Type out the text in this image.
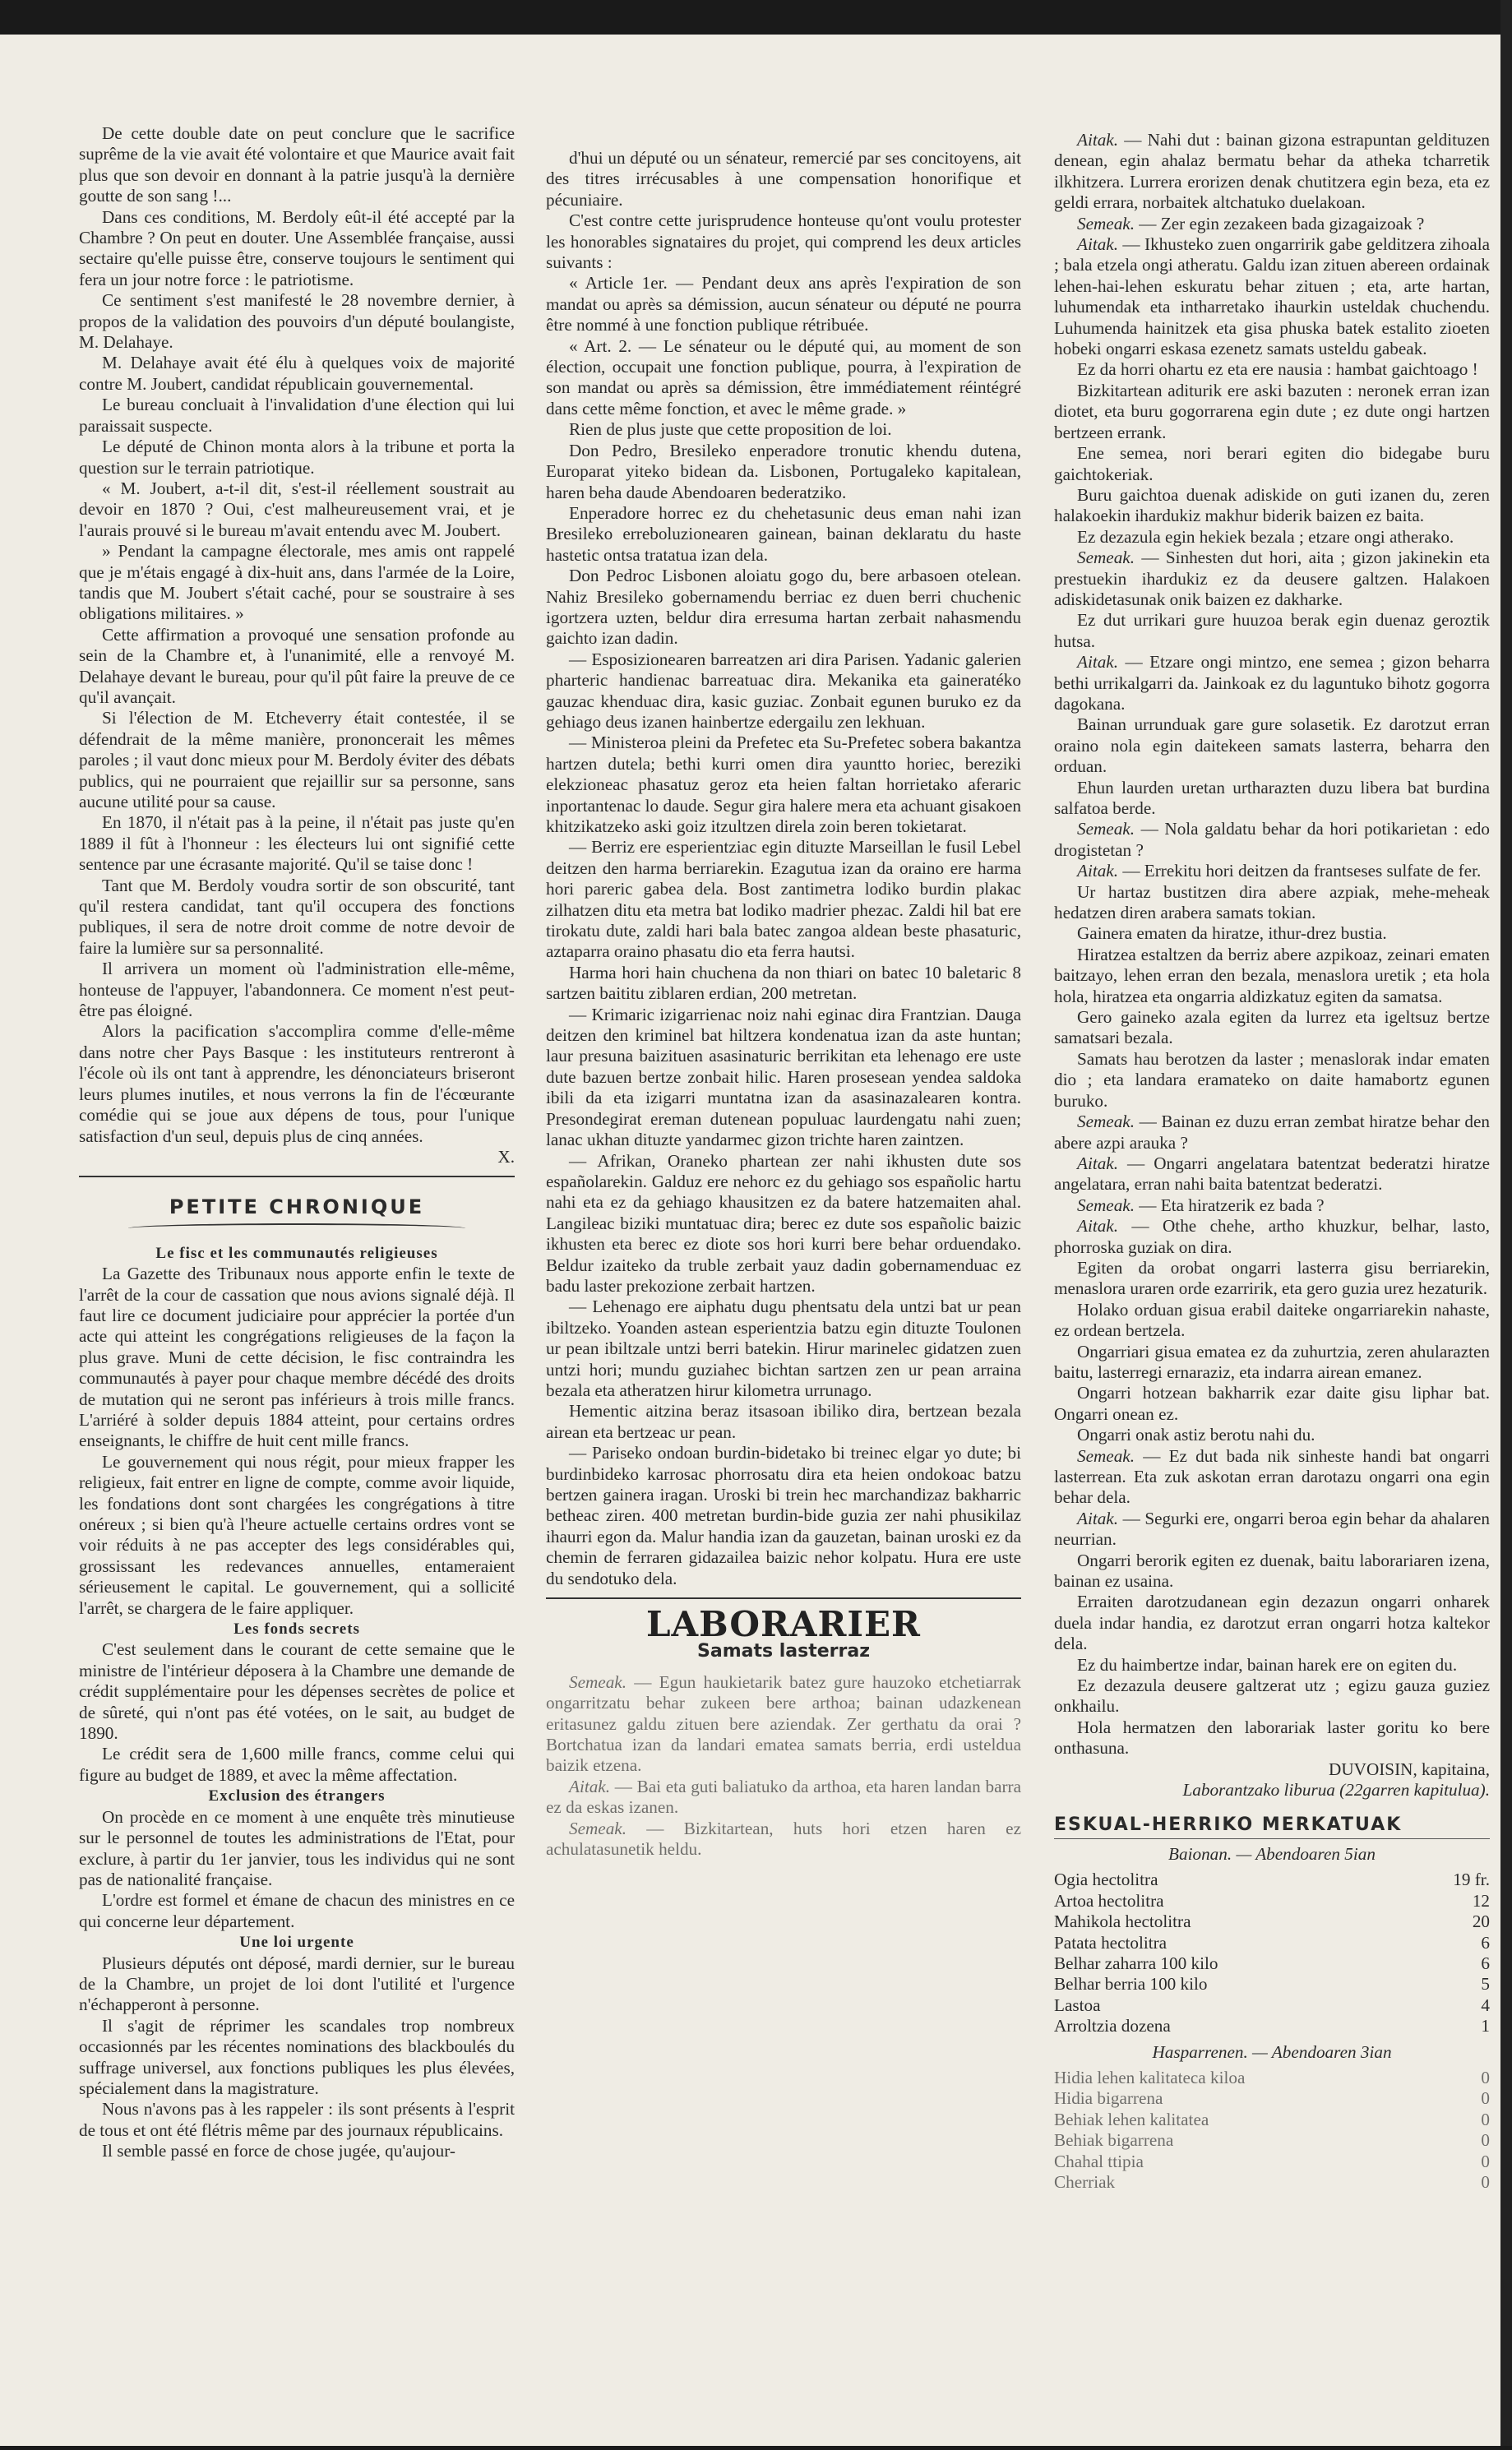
De cette double date on peut conclure que le sacrifice suprême de la vie avait été volontaire et que Maurice avait fait plus que son devoir en donnant à la patrie jusqu'à la dernière goutte de son sang !...

Dans ces conditions, M. Berdoly eût-il été accepté par la Chambre ? On peut en douter. Une Assemblée française, aussi sectaire qu'elle puisse être, conserve toujours le sentiment qui fera un jour notre force : le patriotisme.

Ce sentiment s'est manifesté le 28 novembre dernier, à propos de la validation des pouvoirs d'un député boulangiste, M. Delahaye.

M. Delahaye avait été élu à quelques voix de majorité contre M. Joubert, candidat républicain gouvernemental.

Le bureau concluait à l'invalidation d'une élection qui lui paraissait suspecte.

Le député de Chinon monta alors à la tribune et porta la question sur le terrain patriotique.

« M. Joubert, a-t-il dit, s'est-il réellement soustrait au devoir en 1870 ? Oui, c'est malheureusement vrai, et je l'aurais prouvé si le bureau m'avait entendu avec M. Joubert.

» Pendant la campagne électorale, mes amis ont rappelé que je m'étais engagé à dix-huit ans, dans l'armée de la Loire, tandis que M. Joubert s'était caché, pour se soustraire à ses obligations militaires. »

Cette affirmation a provoqué une sensation profonde au sein de la Chambre et, à l'unanimité, elle a renvoyé M. Delahaye devant le bureau, pour qu'il pût faire la preuve de ce qu'il avançait.

Si l'élection de M. Etcheverry était contestée, il se défendrait de la même manière, prononcerait les mêmes paroles ; il vaut donc mieux pour M. Berdoly éviter des débats publics, qui ne pourraient que rejaillir sur sa personne, sans aucune utilité pour sa cause.

En 1870, il n'était pas à la peine, il n'était pas juste qu'en 1889 il fût à l'honneur : les électeurs lui ont signifié cette sentence par une écrasante majorité. Qu'il se taise donc !

Tant que M. Berdoly voudra sortir de son obscurité, tant qu'il restera candidat, tant qu'il occupera des fonctions publiques, il sera de notre droit comme de notre devoir de faire la lumière sur sa personnalité.

Il arrivera un moment où l'administration elle-même, honteuse de l'appuyer, l'abandonnera. Ce moment n'est peut-être pas éloigné.

Alors la pacification s'accomplira comme d'elle-même dans notre cher Pays Basque : les instituteurs rentreront à l'école où ils ont tant à apprendre, les dénonciateurs briseront leurs plumes inutiles, et nous verrons la fin de l'écœurante comédie qui se joue aux dépens de tous, pour l'unique satisfaction d'un seul, depuis plus de cinq années.

X.

PETITE CHRONIQUE

Le fisc et les communautés religieuses

La Gazette des Tribunaux nous apporte enfin le texte de l'arrêt de la cour de cassation que nous avions signalé déjà. Il faut lire ce document judiciaire pour apprécier la portée d'un acte qui atteint les congrégations religieuses de la façon la plus grave. Muni de cette décision, le fisc contraindra les communautés à payer pour chaque membre décédé des droits de mutation qui ne seront pas inférieurs à trois mille francs. L'arriéré à solder depuis 1884 atteint, pour certains ordres enseignants, le chiffre de huit cent mille francs.

Le gouvernement qui nous régit, pour mieux frapper les religieux, fait entrer en ligne de compte, comme avoir liquide, les fondations dont sont chargées les congrégations à titre onéreux ; si bien qu'à l'heure actuelle certains ordres vont se voir réduits à ne pas accepter des legs considérables qui, grossissant les redevances annuelles, entameraient sérieusement le capital. Le gouvernement, qui a sollicité l'arrêt, se chargera de le faire appliquer.

Les fonds secrets

C'est seulement dans le courant de cette semaine que le ministre de l'intérieur déposera à la Chambre une demande de crédit supplémentaire pour les dépenses secrètes de police et de sûreté, qui n'ont pas été votées, on le sait, au budget de 1890.

Le crédit sera de 1,600 mille francs, comme celui qui figure au budget de 1889, et avec la même affectation.

Exclusion des étrangers

On procède en ce moment à une enquête très minutieuse sur le personnel de toutes les administrations de l'Etat, pour exclure, à partir du 1er janvier, tous les individus qui ne sont pas de nationalité française.

L'ordre est formel et émane de chacun des ministres en ce qui concerne leur département.

Une loi urgente

Plusieurs députés ont déposé, mardi dernier, sur le bureau de la Chambre, un projet de loi dont l'utilité et l'urgence n'échapperont à personne.

Il s'agit de réprimer les scandales trop nombreux occasionnés par les récentes nominations des blackboulés du suffrage universel, aux fonctions publiques les plus élevées, spécialement dans la magistrature.

Nous n'avons pas à les rappeler : ils sont présents à l'esprit de tous et ont été flétris même par des journaux républicains.

Il semble passé en force de chose jugée, qu'aujour-

d'hui un député ou un sénateur, remercié par ses concitoyens, ait des titres irrécusables à une compensation honorifique et pécuniaire.

C'est contre cette jurisprudence honteuse qu'ont voulu protester les honorables signataires du projet, qui comprend les deux articles suivants :

« Article 1er. — Pendant deux ans après l'expiration de son mandat ou après sa démission, aucun sénateur ou député ne pourra être nommé à une fonction publique rétribuée.

« Art. 2. — Le sénateur ou le député qui, au moment de son élection, occupait une fonction publique, pourra, à l'expiration de son mandat ou après sa démission, être immédiatement réintégré dans cette même fonction, et avec le même grade. »

Rien de plus juste que cette proposition de loi.

Don Pedro, Bresileko enperadore tronutic khendu dutena, Europarat yiteko bidean da. Lisbonen, Portugaleko kapitalean, haren beha daude Abendoaren bederatziko.

Enperadore horrec ez du chehetasunic deus eman nahi izan Bresileko erreboluzionearen gainean, bainan deklaratu du haste hastetic ontsa tratatua izan dela.

Don Pedroc Lisbonen aloiatu gogo du, bere arbasoen otelean. Nahiz Bresileko gobernamendu berriac ez duen berri chuchenic igortzera uzten, beldur dira erresuma hartan zerbait nahasmendu gaichto izan dadin.

— Esposizionearen barreatzen ari dira Parisen. Yadanic galerien pharteric handienac barreatuac dira. Mekanika eta gaineratéko gauzac khenduac dira, kasic guziac. Zonbait egunen buruko ez da gehiago deus izanen hainbertze edergailu zen lekhuan.

— Ministeroa pleini da Prefetec eta Su-Prefetec sobera bakantza hartzen dutela; bethi kurri omen dira yauntto horiec, bereziki elekzioneac phasatuz geroz eta heien faltan horrietako aferaric inportantenac lo daude. Segur gira halere mera eta achuant gisakoen khitzikatzeko aski goiz itzultzen direla zoin beren tokietarat.

— Berriz ere esperientziac egin dituzte Marseillan le fusil Lebel deitzen den harma berriarekin. Ezagutua izan da oraino ere harma hori pareric gabea dela. Bost zantimetra lodiko burdin plakac zilhatzen ditu eta metra bat lodiko madrier phezac. Zaldi hil bat ere tirokatu dute, zaldi hari bala batec zangoa aldean beste phasaturic, aztaparra oraino phasatu dio eta ferra hautsi.

Harma hori hain chuchena da non thiari on batec 10 baletaric 8 sartzen baititu ziblaren erdian, 200 metretan.

— Krimaric izigarrienac noiz nahi eginac dira Frantzian. Dauga deitzen den kriminel bat hiltzera kondenatua izan da aste huntan; laur presuna baizituen asasinaturic berrikitan eta lehenago ere uste dute bazuen bertze zonbait hilic. Haren prosesean yendea saldoka ibili da eta izigarri muntatna izan da asasinazalearen kontra. Presondegirat ereman dutenean populuac laurdengatu nahi zuen; lanac ukhan dituzte yandarmec gizon trichte haren zaintzen.

— Afrikan, Oraneko phartean zer nahi ikhusten dute sos españolarekin. Galduz ere nehorc ez du gehiago sos españolic hartu nahi eta ez da gehiago khausitzen ez da batere hatzemaiten ahal. Langileac biziki muntatuac dira; berec ez dute sos españolic baizic ikhusten eta berec ez diote sos hori kurri bere behar orduendako. Beldur izaiteko da truble zerbait yauz dadin gobernamenduac ez badu laster prekozione zerbait hartzen.

— Lehenago ere aiphatu dugu phentsatu dela untzi bat ur pean ibiltzeko. Yoanden astean esperientzia batzu egin dituzte Toulonen ur pean ibiltzale untzi berri batekin. Hirur marinelec gidatzen zuen untzi hori; mundu guziahec bichtan sartzen zen ur pean arraina bezala eta atheratzen hirur kilometra urrunago.

Hementic aitzina beraz itsasoan ibiliko dira, bertzean bezala airean eta bertzeac ur pean.

— Pariseko ondoan burdin-bidetako bi treinec elgar yo dute; bi burdinbideko karrosac phorrosatu dira eta heien ondokoac batzu bertzen gainera iragan. Uroski bi trein hec marchandizaz bakharric betheac ziren. 400 metretan burdin-bide guzia zer nahi phusikilaz ihaurri egon da. Malur handia izan da gauzetan, bainan uroski ez da chemin de ferraren gidazailea baizic nehor kolpatu. Hura ere uste du sendotuko dela.

LABORARIER
Samats lasterraz

Semeak. — Egun haukietarik batez gure hauzoko etchetiarrak ongarritzatu behar zukeen bere arthoa; bainan udazkenean eritasunez galdu zituen bere aziendak. Zer gerthatu da orai ? Bortchatua izan da landari ematea samats berria, erdi usteldua baizik etzena.

Aitak. — Bai eta guti baliatuko da arthoa, eta haren landan barra ez da eskas izanen.

Semeak. — Bizkitartean, huts hori etzen haren ez achulatasunetik heldu.

Aitak. — Nahi dut : bainan gizona estrapuntan geldituzen denean, egin ahalaz bermatu behar da atheka tcharretik ilkhitzera. Lurrera erorizen denak chutitzera egin beza, eta ez geldi errara, norbaitek altchatuko duelakoan.

Semeak. — Zer egin zezakeen bada gizagaizoak ?

Aitak. — Ikhusteko zuen ongarririk gabe gelditzera zihoala ; bala etzela ongi atheratu. Galdu izan zituen abereen ordainak lehen-hai-lehen eskuratu behar zituen ; eta, arte hartan, luhumendak eta intharretako ihaurkin usteldak chuchendu. Luhumenda hainitzek eta gisa phuska batek estalito zioeten hobeki ongarri eskasa ezenetz samats usteldu gabeak.

Ez da horri ohartu ez eta ere nausia : hambat gaichtoago !

Bizkitartean aditurik ere aski bazuten : neronek erran izan diotet, eta buru gogorrarena egin dute ; ez dute ongi hartzen bertzeen errank.

Ene semea, nori berari egiten dio bidegabe buru gaichtokeriak.

Buru gaichtoa duenak adiskide on guti izanen du, zeren halakoekin ihardukiz makhur biderik baizen ez baita.

Ez dezazula egin hekiek bezala ; etzare ongi atherako.

Semeak. — Sinhesten dut hori, aita ; gizon jakinekin eta prestuekin ihardukiz ez da deusere galtzen. Halakoen adiskidetasunak onik baizen ez dakharke.

Ez dut urrikari gure huuzoa berak egin duenaz geroztik hutsa.

Aitak. — Etzare ongi mintzo, ene semea ; gizon beharra bethi urrikalgarri da. Jainkoak ez du laguntuko bihotz gogorra dagokana.

Bainan urrunduak gare gure solasetik. Ez darotzut erran oraino nola egin daitekeen samats lasterra, beharra den orduan.

Ehun laurden uretan urtharazten duzu libera bat burdina salfatoa berde.

Semeak. — Nola galdatu behar da hori potikarietan : edo drogistetan ?

Aitak. — Errekitu hori deitzen da frantseses sulfate de fer.

Ur hartaz bustitzen dira abere azpiak, mehe-meheak hedatzen diren arabera samats tokian.

Gainera ematen da hiratze, ithur-drez bustia.

Hiratzea estaltzen da berriz abere azpikoaz, zeinari ematen baitzayo, lehen erran den bezala, menaslora uretik ; eta hola hola, hiratzea eta ongarria aldizkatuz egiten da samatsa.

Gero gaineko azala egiten da lurrez eta igeltsuz bertze samatsari bezala.

Samats hau berotzen da laster ; menaslorak indar ematen dio ; eta landara eramateko on daite hamabortz egunen buruko.

Semeak. — Bainan ez duzu erran zembat hiratze behar den abere azpi arauka ?

Aitak. — Ongarri angelatara batentzat bederatzi hiratze angelatara, erran nahi baita batentzat bederatzi.

Semeak. — Eta hiratzerik ez bada ?

Aitak. — Othe chehe, artho khuzkur, belhar, lasto, phorroska guziak on dira.

Egiten da orobat ongarri lasterra gisu berriarekin, menaslora uraren orde ezarririk, eta gero guzia urez hezaturik.

Holako orduan gisua erabil daiteke ongarriarekin nahaste, ez ordean bertzela.

Ongarriari gisua ematea ez da zuhurtzia, zeren ahularazten baitu, lasterregi ernaraziz, eta indarra airean emanez.

Ongarri hotzean bakharrik ezar daite gisu liphar bat. Ongarri onean ez.

Ongarri onak astiz berotu nahi du.

Semeak. — Ez dut bada nik sinheste handi bat ongarri lasterrean. Eta zuk askotan erran darotazu ongarri ona egin behar dela.

Aitak. — Segurki ere, ongarri beroa egin behar da ahalaren neurrian.

Ongarri berorik egiten ez duenak, baitu laborariaren izena, bainan ez usaina.

Erraiten darotzudanean egin dezazun ongarri onharek duela indar handia, ez darotzut erran ongarri hotza kaltekor dela.

Ez du haimbertze indar, bainan harek ere on egiten du.

Ez dezazula deusere galtzerat utz ; egizu gauza guziez onkhailu.

Hola hermatzen den laborariak laster goritu ko bere onthasuna.

DUVOISIN, kapitaina,

Laborantzako liburua (22garren kapitulua).

ESKUAL-HERRIKO MERKATUAK
Baionan. — Abendoaren 5ian
Ogia hectolitra	19 fr.
Artoa hectolitra	12
Mahikola hectolitra	20
Patata hectolitra	6
Belhar zaharra 100 kilo	6
Belhar berria 100 kilo	5
Lastoa	4
Arroltzia dozena	1
Hasparrenen. — Abendoaren 3ian
Hidia lehen kalitateca kiloa	0
Hidia bigarrena	0
Behiak lehen kalitatea	0
Behiak bigarrena	0
Chahal ttipia	0
Cherriak	0
